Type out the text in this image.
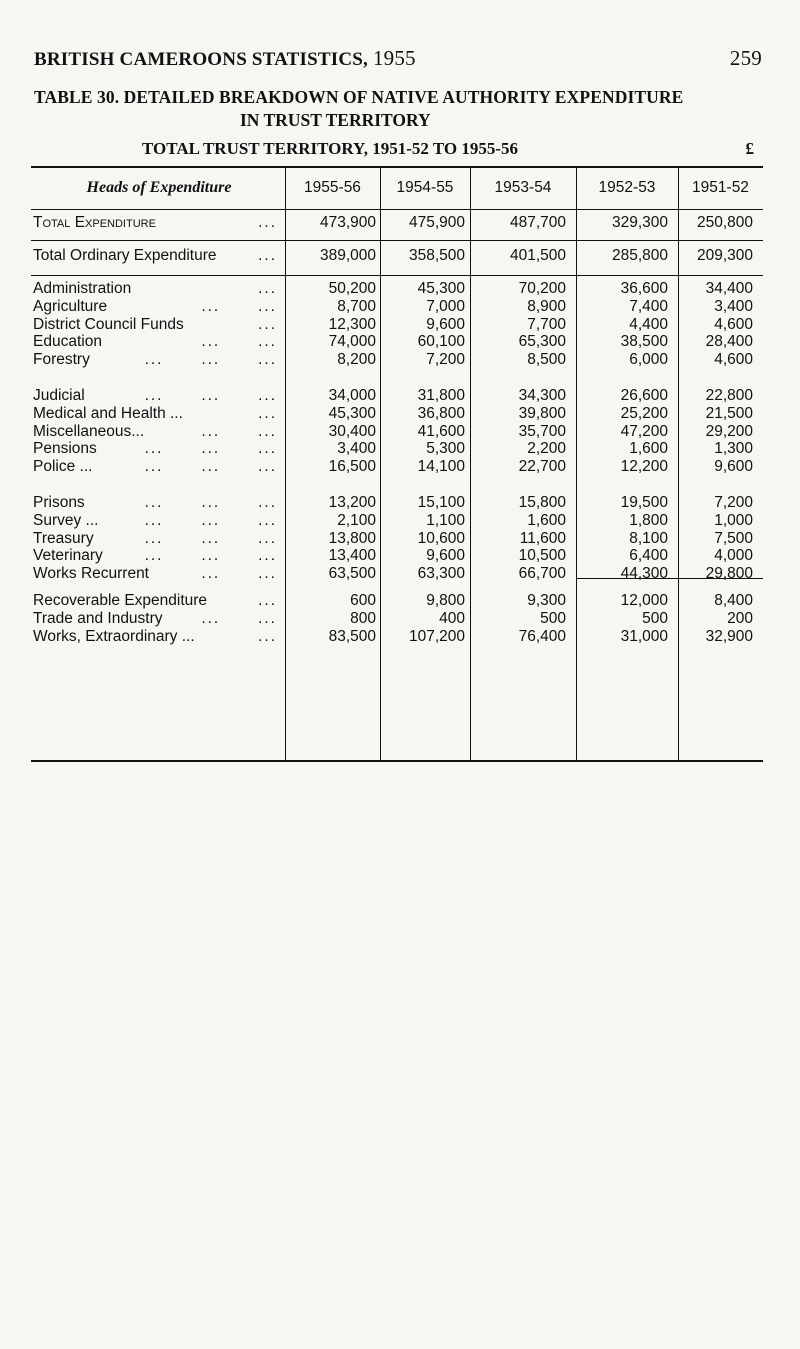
BRITISH CAMEROONS STATISTICS, 1955	259
TABLE 30. DETAILED BREAKDOWN OF NATIVE AUTHORITY EXPENDITURE
IN TRUST TERRITORY
TOTAL TRUST TERRITORY, 1951-52 TO 1955-56	£
Heads of Expenditure	1955-56	1954-55	1953-54	1952-53	1951-52
Total Expenditure	...	473,900	475,900	487,700	329,300	250,800
Total Ordinary Expenditure	...	389,000	358,500	401,500	285,800	209,300
Administration	...	50,200	45,300	70,200	36,600	34,400
Agriculture	...      ...	8,700	7,000	8,900	7,400	3,400
District Council Funds	...	12,300	9,600	7,700	4,400	4,600
Education	...      ...	74,000	60,100	65,300	38,500	28,400
Forestry	...      ...      ...	8,200	7,200	8,500	6,000	4,600
Judicial	...      ...      ...	34,000	31,800	34,300	26,600	22,800
Medical and Health ...	...	45,300	36,800	39,800	25,200	21,500
Miscellaneous...	...      ...	30,400	41,600	35,700	47,200	29,200
Pensions	...      ...      ...	3,400	5,300	2,200	1,600	1,300
Police ...	...      ...      ...	16,500	14,100	22,700	12,200	9,600
Prisons	...      ...      ...	13,200	15,100	15,800	19,500	7,200
Survey ...	...      ...      ...	2,100	1,100	1,600	1,800	1,000
Treasury	...      ...      ...	13,800	10,600	11,600	8,100	7,500
Veterinary	...      ...      ...	13,400	9,600	10,500	6,400	4,000
Works Recurrent	...      ...	63,500	63,300	66,700	44,300	29,800
Recoverable Expenditure	...	600	9,800	9,300	12,000	8,400
Trade and Industry	...      ...	800	400	500	500	200
Works, Extraordinary ...	...	83,500	107,200	76,400	31,000	32,900
